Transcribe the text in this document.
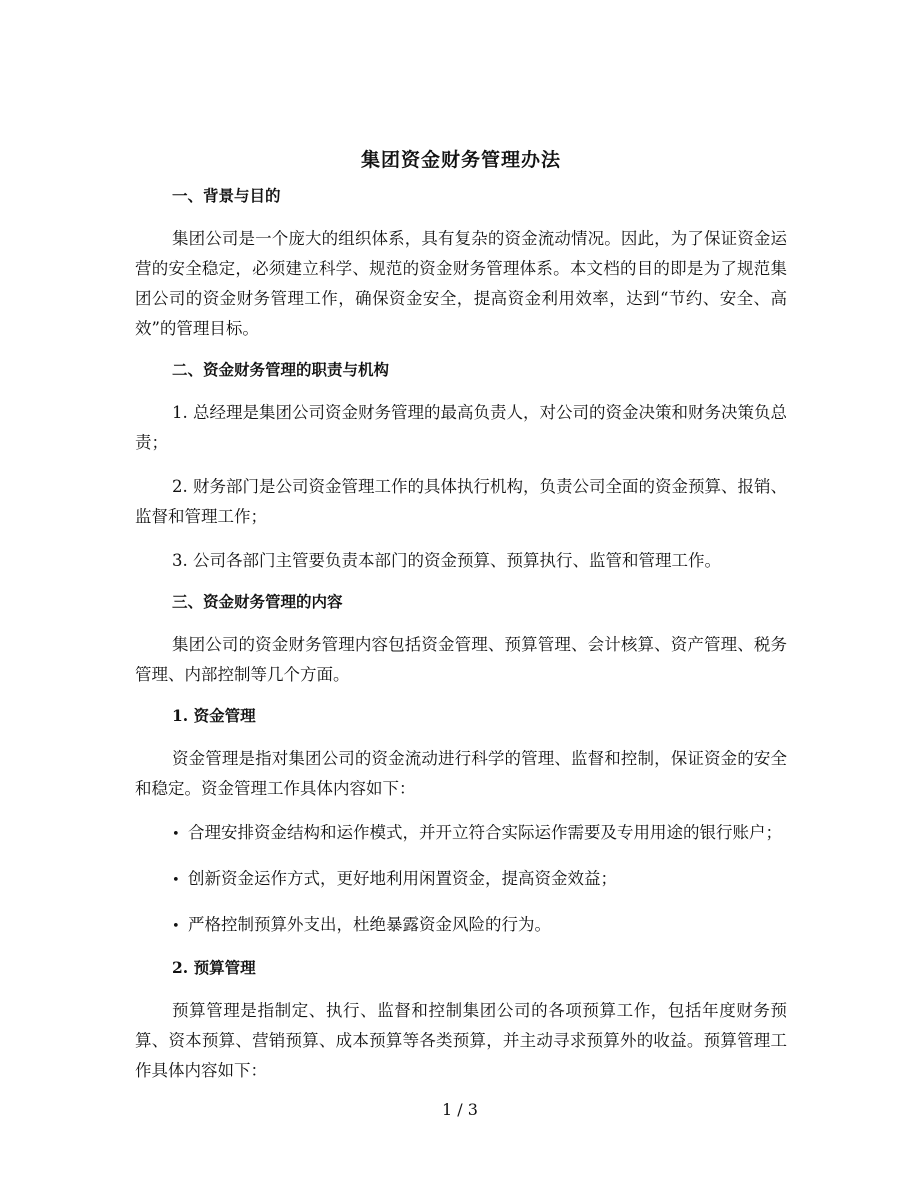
集团资金财务管理办法
一、背景与目的

集团公司是一个庞大的组织体系，具有复杂的资金流动情况。因此，为了保证资金运营的安全稳定，必须建立科学、规范的资金财务管理体系。本文档的目的即是为了规范集团公司的资金财务管理工作，确保资金安全，提高资金利用效率，达到“节约、安全、高效”的管理目标。

二、资金财务管理的职责与机构

1. 总经理是集团公司资金财务管理的最高负责人，对公司的资金决策和财务决策负总责；

2. 财务部门是公司资金管理工作的具体执行机构，负责公司全面的资金预算、报销、监督和管理工作；

3. 公司各部门主管要负责本部门的资金预算、预算执行、监管和管理工作。

三、资金财务管理的内容

集团公司的资金财务管理内容包括资金管理、预算管理、会计核算、资产管理、税务管理、内部控制等几个方面。

1. 资金管理

资金管理是指对集团公司的资金流动进行科学的管理、监督和控制，保证资金的安全和稳定。资金管理工作具体内容如下：

• 合理安排资金结构和运作模式，并开立符合实际运作需要及专用用途的银行账户；

• 创新资金运作方式，更好地利用闲置资金，提高资金效益；

• 严格控制预算外支出，杜绝暴露资金风险的行为。

2. 预算管理

预算管理是指制定、执行、监督和控制集团公司的各项预算工作，包括年度财务预算、资本预算、营销预算、成本预算等各类预算，并主动寻求预算外的收益。预算管理工作具体内容如下：

1 / 3
